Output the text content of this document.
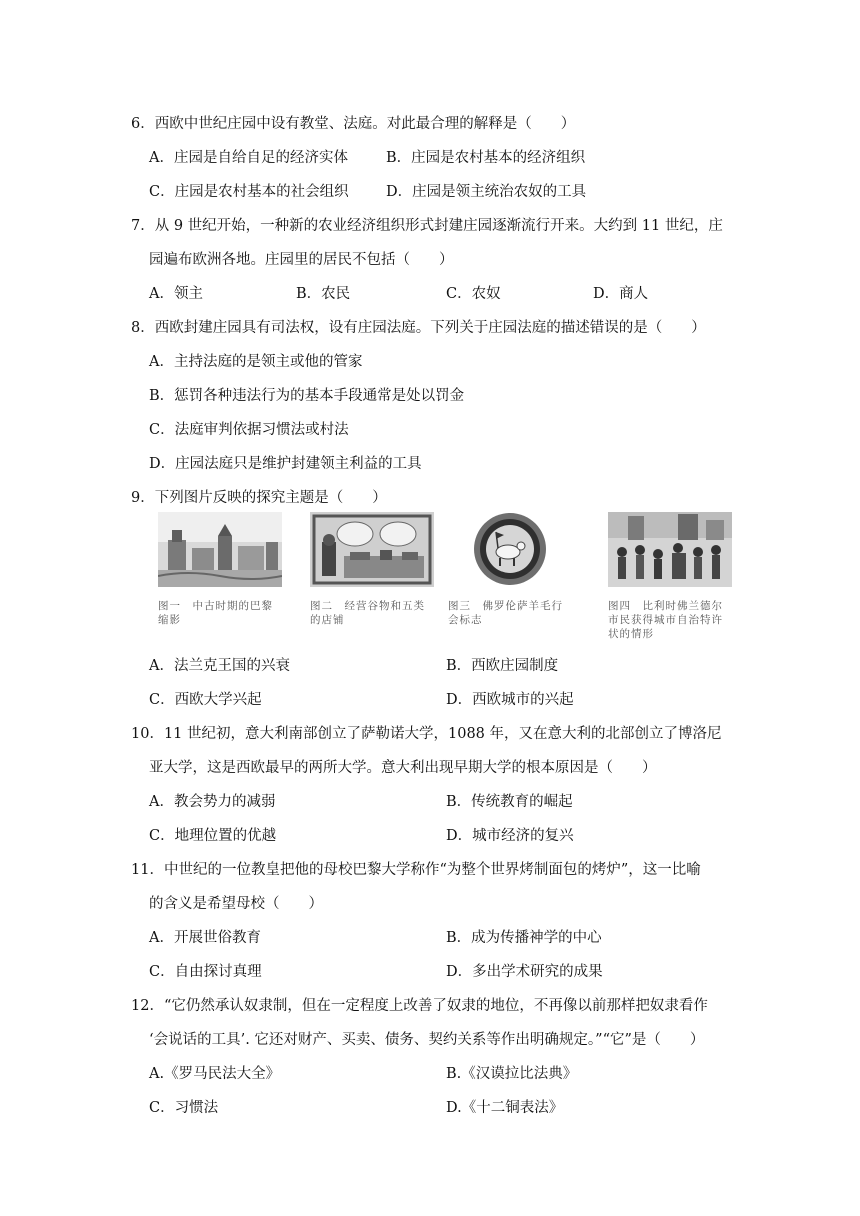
6．西欧中世纪庄园中设有教堂、法庭。对此最合理的解释是（　　）
A．庄园是自给自足的经济实体	B．庄园是农村基本的经济组织
C．庄园是农村基本的社会组织	D．庄园是领主统治农奴的工具
7．从 9 世纪开始，一种新的农业经济组织形式封建庄园逐渐流行开来。大约到 11 世纪，庄
园遍布欧洲各地。庄园里的居民不包括（　　）
A．领主	B．农民	C．农奴	D．商人
8．西欧封建庄园具有司法权，设有庄园法庭。下列关于庄园法庭的描述错误的是（　　）
A．主持法庭的是领主或他的管家
B．惩罚各种违法行为的基本手段通常是处以罚金
C．法庭审判依据习惯法或村法
D．庄园法庭只是维护封建领主利益的工具
9．下列图片反映的探究主题是（　　）
图一　中古时期的巴黎缩影
图二　经营谷物和五类的店铺
图三　佛罗伦萨羊毛行会标志
图四　比利时佛兰德尔市民获得城市自治特许状的情形
A．法兰克王国的兴衰	B．西欧庄园制度
C．西欧大学兴起	D．西欧城市的兴起
10．11 世纪初，意大利南部创立了萨勒诺大学，1088 年，又在意大利的北部创立了博洛尼
亚大学，这是西欧最早的两所大学。意大利出现早期大学的根本原因是（　　）
A．教会势力的减弱	B．传统教育的崛起
C．地理位置的优越	D．城市经济的复兴
11．中世纪的一位教皇把他的母校巴黎大学称作“为整个世界烤制面包的烤炉”，这一比喻
的含义是希望母校（　　）
A．开展世俗教育	B．成为传播神学的中心
C．自由探讨真理	D．多出学术研究的成果
12．“它仍然承认奴隶制，但在一定程度上改善了奴隶的地位，不再像以前那样把奴隶看作
‘会说话的工具’. 它还对财产、买卖、债务、契约关系等作出明确规定。”“它”是（　　）
A.《罗马民法大全》	B.《汉谟拉比法典》
C．习惯法	D.《十二铜表法》
